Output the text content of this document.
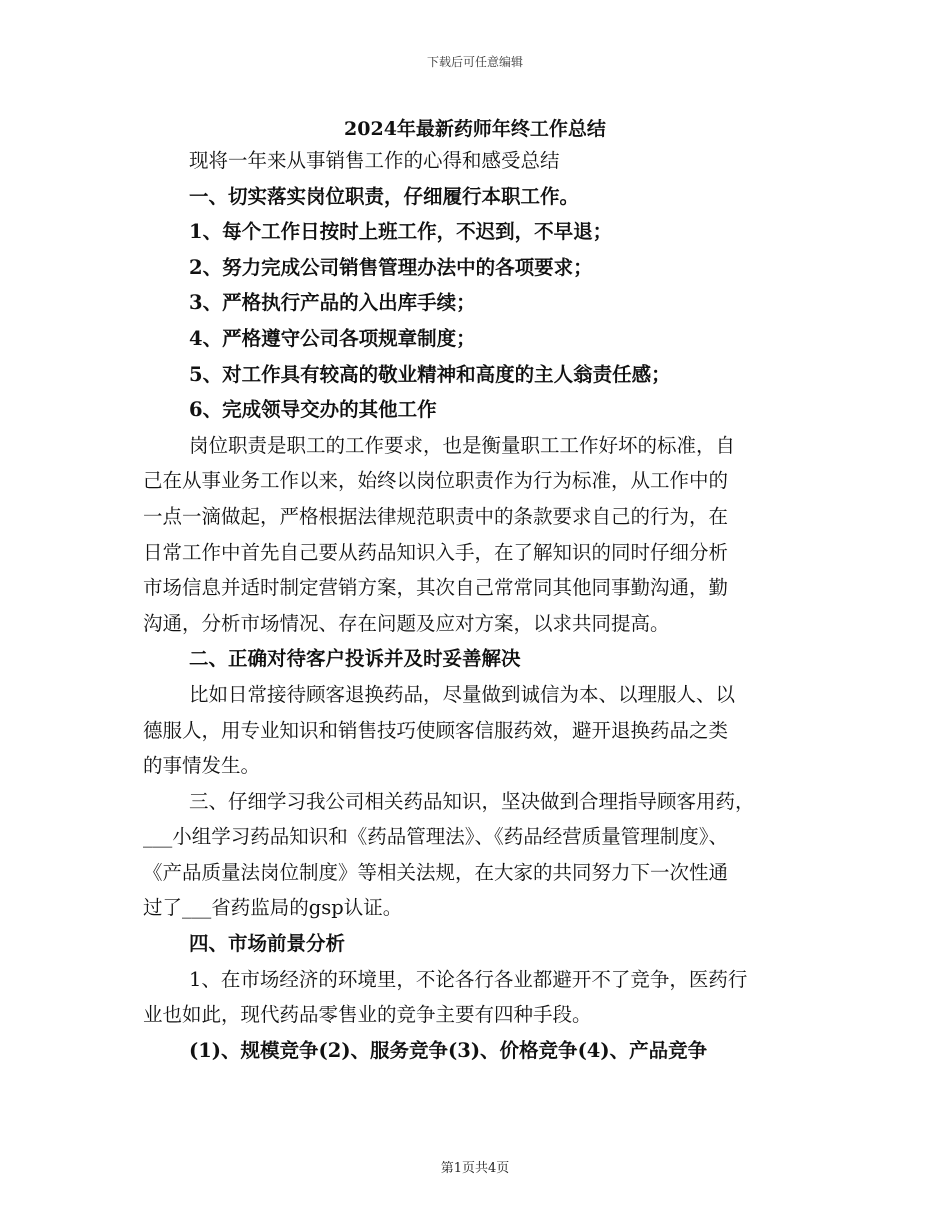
下载后可任意编辑
2024年最新药师年终工作总结

现将一年来从事销售工作的心得和感受总结

一、切实落实岗位职责，仔细履行本职工作。

1、每个工作日按时上班工作，不迟到，不早退；

2、努力完成公司销售管理办法中的各项要求；

3、严格执行产品的入出库手续；

4、严格遵守公司各项规章制度；

5、对工作具有较高的敬业精神和高度的主人翁责任感；

6、完成领导交办的其他工作

岗位职责是职工的工作要求，也是衡量职工工作好坏的标准，自

己在从事业务工作以来，始终以岗位职责作为行为标准，从工作中的

一点一滴做起，严格根据法律规范职责中的条款要求自己的行为，在

日常工作中首先自己要从药品知识入手，在了解知识的同时仔细分析

市场信息并适时制定营销方案，其次自己常常同其他同事勤沟通，勤

沟通，分析市场情况、存在问题及应对方案，以求共同提高。

二、正确对待客户投诉并及时妥善解决

比如日常接待顾客退换药品，尽量做到诚信为本、以理服人、以

德服人，用专业知识和销售技巧使顾客信服药效，避开退换药品之类

的事情发生。

三、仔细学习我公司相关药品知识，坚决做到合理指导顾客用药，

___小组学习药品知识和《药品管理法》、《药品经营质量管理制度》、

《产品质量法岗位制度》等相关法规，在大家的共同努力下一次性通

过了___省药监局的gsp认证。

四、市场前景分析

1、在市场经济的环境里，不论各行各业都避开不了竞争，医药行

业也如此，现代药品零售业的竞争主要有四种手段。

(1)、规模竞争(2)、服务竞争(3)、价格竞争(4)、产品竞争

第1页共4页
